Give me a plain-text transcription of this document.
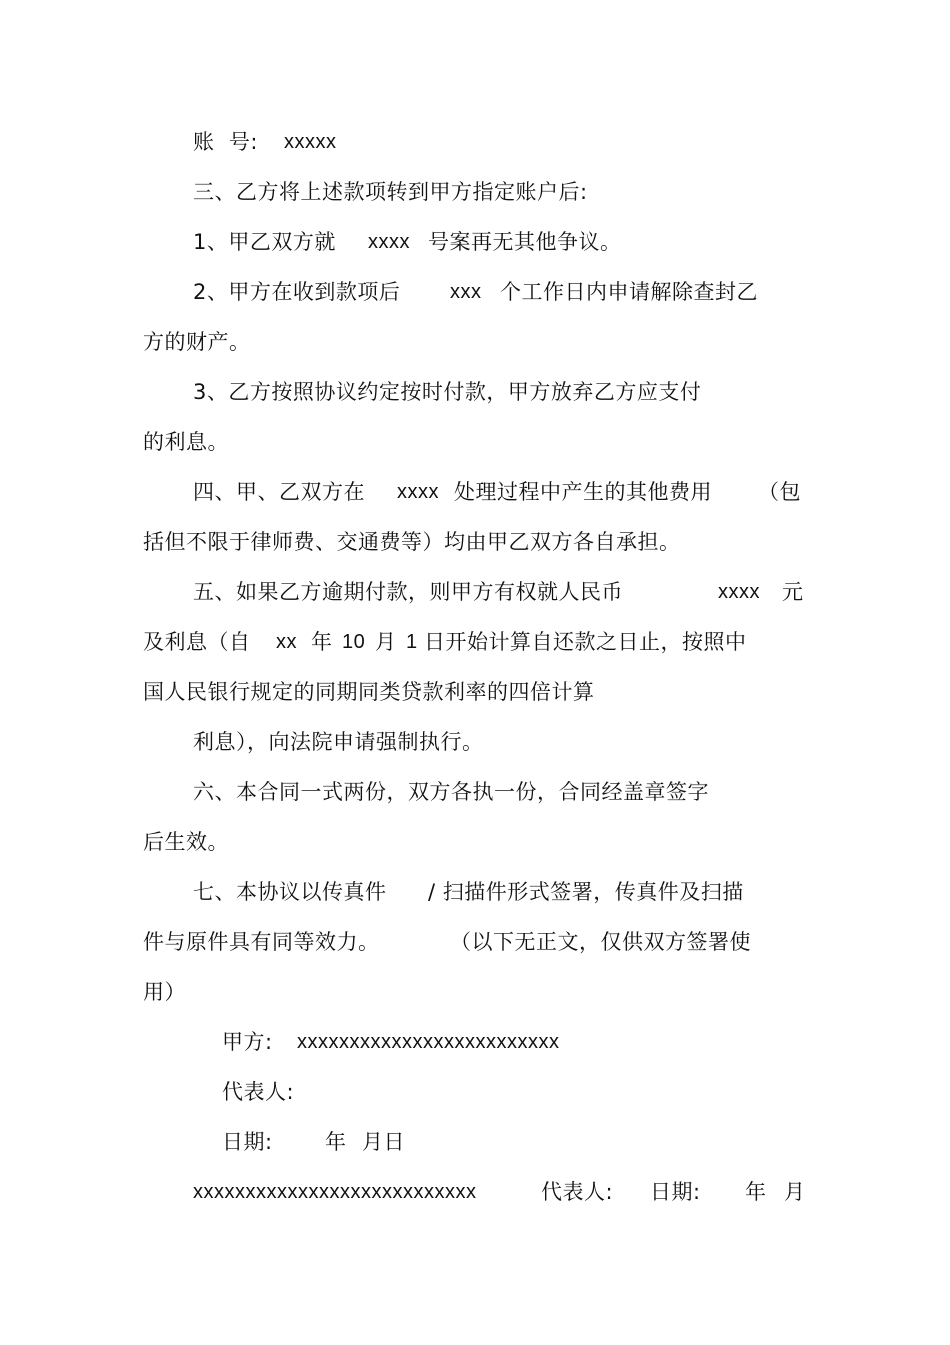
账  号: xxxxx
三、乙方将上述款项转到甲方指定账户后:
1、甲乙双方就 xxxx 号案再无其他争议。
2、甲方在收到款项后 xxx 个工作日内申请解除查封乙
方的财产。
3、乙方按照协议约定按时付款，甲方放弃乙方应支付
的利息。
四、甲、乙双方在 xxxx 处理过程中产生的其他费用 （包
括但不限于律师费、交通费等）均由甲乙双方各自承担。
五、如果乙方逾期付款，则甲方有权就人民币	xxxx 元
及利息（自 xx 年 10 月 1 日开始计算自还款之日止，按照中
国人民银行规定的同期同类贷款利率的四倍计算
利息），向法院申请强制执行。
六、本合同一式两份，双方各执一份，合同经盖章签字
后生效。
七、本协议以传真件 / 扫描件形式签署，传真件及扫描
件与原件具有同等效力。	（以下无正文，仅供双方签署使
用）
甲方: xxxxxxxxxxxxxxxxxxxxxxxxx
代表人:
日期: 年 月日
xxxxxxxxxxxxxxxxxxxxxxxxxxx	代表人: 日期: 年 月
